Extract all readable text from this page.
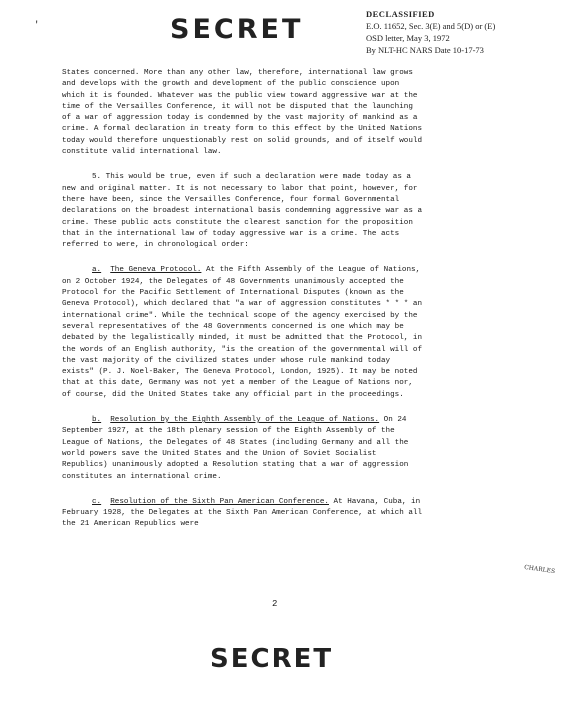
'	SECRET	DECLASSIFIED
E.O. 11652, Sec. 3(E) and 5(D) or (E)
OSD letter, May 3, 1972
By NLT-HC NARS Date 10-17-73

States concerned. More than any other law, therefore, international law grows and develops with the growth and development of the public conscience upon which it is founded. Whatever was the public view toward aggressive war at the time of the Versailles Conference, it will not be disputed that the launching of a war of aggression today is condemned by the vast majority of mankind as a crime. A formal declaration in treaty form to this effect by the United Nations today would therefore unquestionably rest on solid grounds, and of itself would constitute valid international law.

5. This would be true, even if such a declaration were made today as a new and original matter. It is not necessary to labor that point, however, for there have been, since the Versailles Conference, four formal Governmental declarations on the broadest international basis condemning aggressive war as a crime. These public acts constitute the clearest sanction for the proposition that in the international law of today aggressive war is a crime. The acts referred to were, in chronological order:

a. The Geneva Protocol. At the Fifth Assembly of the League of Nations, on 2 October 1924, the Delegates of 48 Governments unanimously accepted the Protocol for the Pacific Settlement of International Disputes (known as the Geneva Protocol), which declared that "a war of aggression constitutes * * * an international crime". While the technical scope of the agency exercised by the several representatives of the 48 Governments concerned is one which may be debated by the legalistically minded, it must be admitted that the Protocol, in the words of an English authority, "is the creation of the governmental will of the vast majority of the civilized states under whose rule mankind today exists" (P. J. Noel-Baker, The Geneva Protocol, London, 1925). It may be noted that at this date, Germany was not yet a member of the League of Nations nor, of course, did the United States take any official part in the proceedings.

b. Resolution by the Eighth Assembly of the League of Nations. On 24 September 1927, at the 18th plenary session of the Eighth Assembly of the League of Nations, the Delegates of 48 States (including Germany and all the world powers save the United States and the Union of Soviet Socialist Republics) unanimously adopted a Resolution stating that a war of aggression constitutes an international crime.

c. Resolution of the Sixth Pan American Conference. At Havana, Cuba, in February 1928, the Delegates at the Sixth Pan American Conference, at which all the 21 American Republics were

CHARLES
2
SECRET
